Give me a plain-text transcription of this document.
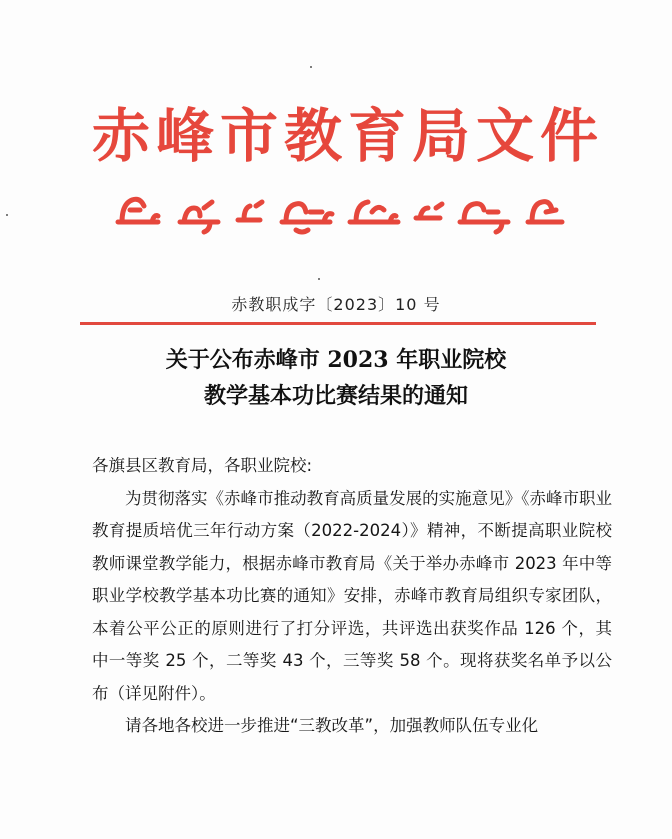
赤峰市教育局文件
赤教职成字〔2023〕10 号
关于公布赤峰市 2023 年职业院校
教学基本功比赛结果的通知

各旗县区教育局，各职业院校:

为贯彻落实《赤峰市推动教育高质量发展的实施意见》《赤峰市职业教育提质培优三年行动方案（2022-2024）》精神，不断提高职业院校教师课堂教学能力，根据赤峰市教育局《关于举办赤峰市 2023 年中等职业学校教学基本功比赛的通知》安排，赤峰市教育局组织专家团队，本着公平公正的原则进行了打分评选，共评选出获奖作品 126 个，其中一等奖 25 个，二等奖 43 个，三等奖 58 个。现将获奖名单予以公布（详见附件）。

请各地各校进一步推进“三教改革”，加强教师队伍专业化
